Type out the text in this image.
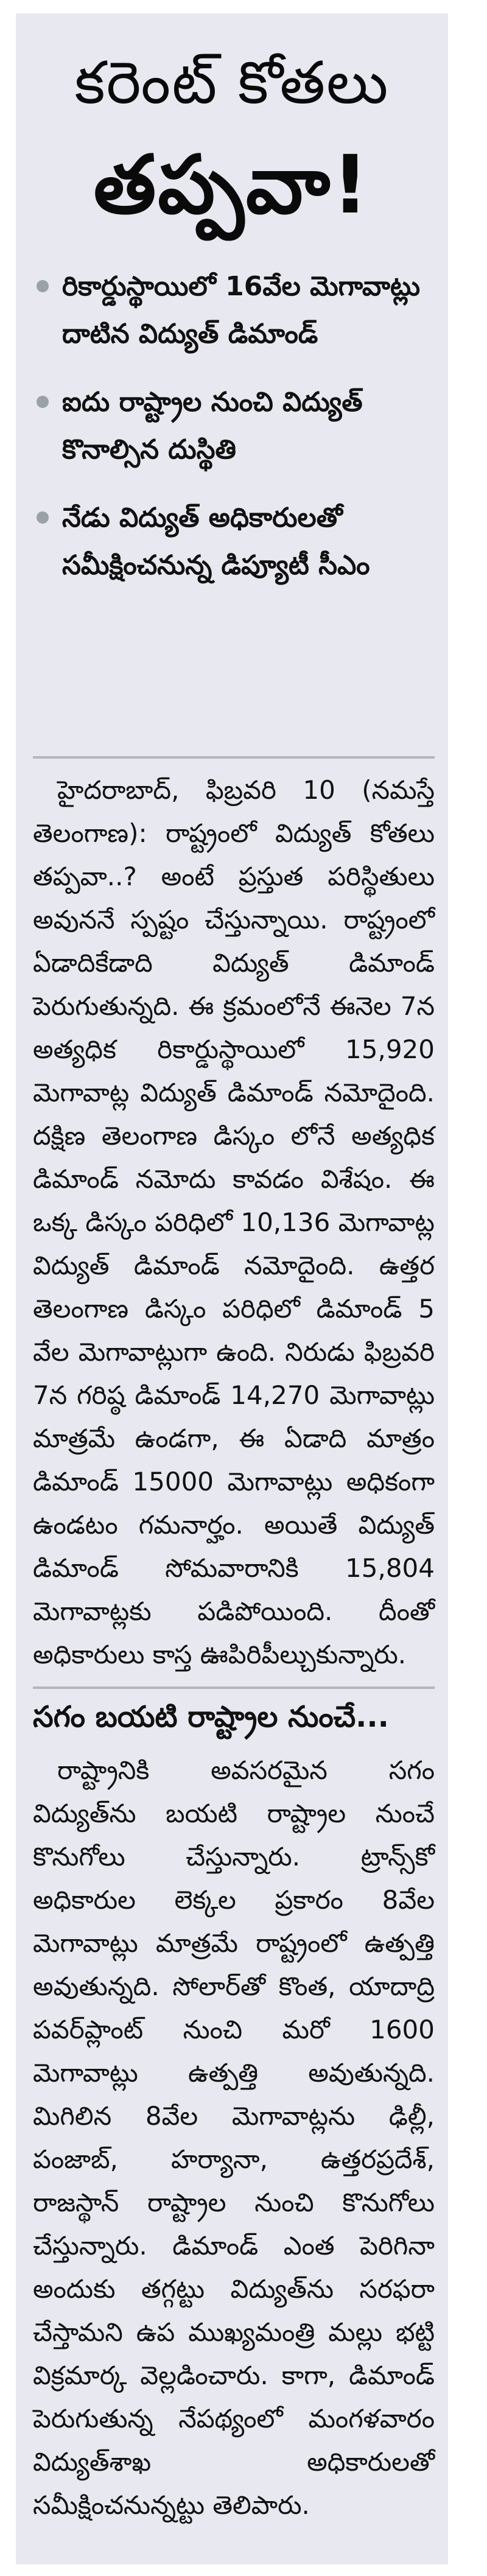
కరెంట్ కోతలు
తప్పవా!
రికార్డుస్థాయిలో 16వేల మెగావాట్లు దాటిన విద్యుత్ డిమాండ్
ఐదు రాష్ట్రాల నుంచి విద్యుత్ కొనాల్సిన దుస్థితి
నేడు విద్యుత్ అధికారులతో సమీక్షించనున్న డిప్యూటీ సీఎం

హైదరాబాద్, ఫిబ్రవరి 10 (నమస్తే తెలంగాణ): రాష్ట్రంలో విద్యుత్ కోతలు తప్పవా..? అంటే ప్రస్తుత పరిస్థితులు అవుననే స్పష్టం చేస్తున్నాయి. రాష్ట్రంలో ఏడాదికేడాది విద్యుత్ డిమాండ్ పెరుగుతున్నది. ఈ క్రమంలోనే ఈనెల 7న అత్యధిక రికార్డుస్థాయిలో 15,920 మెగావాట్ల విద్యుత్ డిమాండ్ నమోదైంది. దక్షిణ తెలంగాణ డిస్కం లోనే అత్యధిక డిమాండ్ నమోదు కావడం విశేషం. ఈ ఒక్క డిస్కం పరిధిలో 10,136 మెగావాట్ల విద్యుత్ డిమాండ్ నమోదైంది. ఉత్తర తెలంగాణ డిస్కం పరిధిలో డిమాండ్ 5 వేల మెగావాట్లుగా ఉంది. నిరుడు ఫిబ్రవరి 7న గరిష్ఠ డిమాండ్ 14,270 మెగావాట్లు మాత్రమే ఉండగా, ఈ ఏడాది మాత్రం డిమాండ్ 15000 మెగావాట్లు అధికంగా ఉండటం గమనార్హం. అయితే విద్యుత్ డిమాండ్ సోమవారానికి 15,804 మెగావాట్లకు పడిపోయింది. దీంతో అధికారులు కాస్త ఊపిరిపీల్చుకున్నారు.

సగం బయటి రాష్ట్రాల నుంచే...

రాష్ట్రానికి అవసరమైన సగం విద్యుత్‌ను బయటి రాష్ట్రాల నుంచే కొనుగోలు చేస్తున్నారు. ట్రాన్స్‌కో అధికారుల లెక్కల ప్రకారం 8వేల మెగావాట్లు మాత్రమే రాష్ట్రంలో ఉత్పత్తి అవుతున్నది. సోలార్‌తో కొంత, యాదాద్రి పవర్‌ప్లాంట్ నుంచి మరో 1600 మెగావాట్లు ఉత్పత్తి అవుతున్నది. మిగిలిన 8వేల మెగావాట్లను ఢిల్లీ, పంజాబ్, హర్యానా, ఉత్తరప్రదేశ్, రాజస్థాన్ రాష్ట్రాల నుంచి కొనుగోలు చేస్తున్నారు. డిమాండ్ ఎంత పెరిగినా అందుకు తగ్గట్టు విద్యుత్‌ను సరఫరా చేస్తామని ఉప ముఖ్యమంత్రి మల్లు భట్టి విక్రమార్క వెల్లడించారు. కాగా, డిమాండ్ పెరుగుతున్న నేపథ్యంలో మంగళవారం విద్యుత్‌శాఖ అధికారులతో సమీక్షించనున్నట్టు తెలిపారు.
